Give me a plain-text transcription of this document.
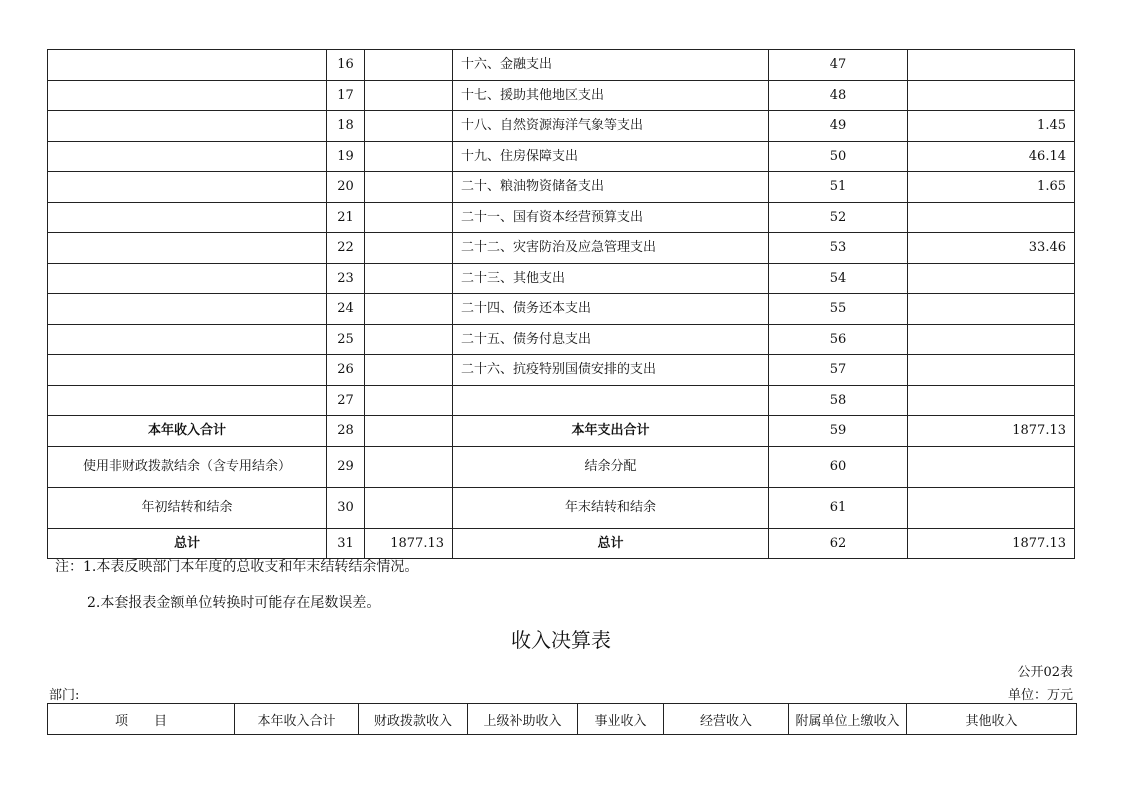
	16		十六、金融支出	47	
	17		十七、援助其他地区支出	48	
	18		十八、自然资源海洋气象等支出	49	1.45
	19		十九、住房保障支出	50	46.14
	20		二十、粮油物资储备支出	51	1.65
	21		二十一、国有资本经营预算支出	52	
	22		二十二、灾害防治及应急管理支出	53	33.46
	23		二十三、其他支出	54	
	24		二十四、债务还本支出	55	
	25		二十五、债务付息支出	56	
	26		二十六、抗疫特别国债安排的支出	57	
	27			58	
本年收入合计	28		本年支出合计	59	1877.13
使用非财政拨款结余（含专用结余）	29		结余分配	60	
年初结转和结余	30		年末结转和结余	61	
总计	31	1877.13	总计	62	1877.13
注：1.本表反映部门本年度的总收支和年末结转结余情况。
2.本套报表金额单位转换时可能存在尾数误差。
收入决算表
公开02表
部门:	单位：万元
项　　目	本年收入合计	财政拨款收入	上级补助收入	事业收入	经营收入	附属单位上缴收入	其他收入
